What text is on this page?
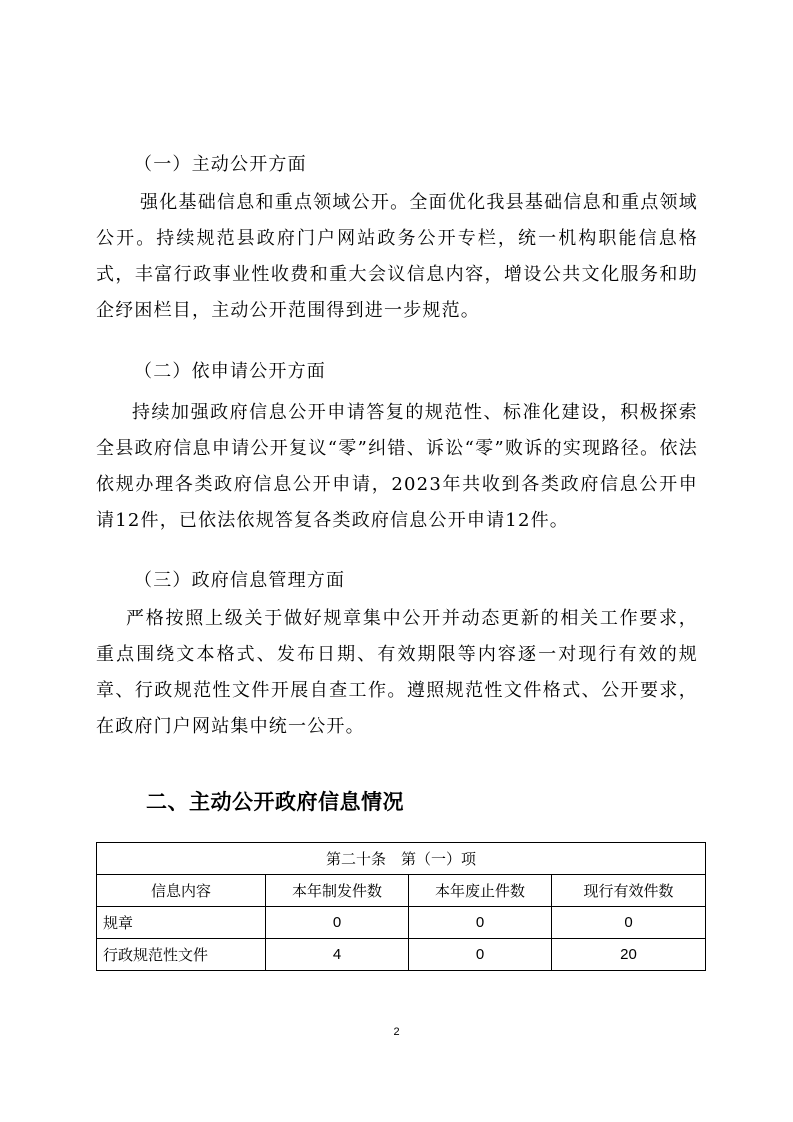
（一）主动公开方面

强化基础信息和重点领域公开。全面优化我县基础信息和重点领域公开。持续规范县政府门户网站政务公开专栏，统一机构职能信息格式，丰富行政事业性收费和重大会议信息内容，增设公共文化服务和助企纾困栏目，主动公开范围得到进一步规范。

（二）依申请公开方面

持续加强政府信息公开申请答复的规范性、标准化建设，积极探索全县政府信息申请公开复议“零”纠错、诉讼“零”败诉的实现路径。依法依规办理各类政府信息公开申请，2023年共收到各类政府信息公开申请12件，已依法依规答复各类政府信息公开申请12件。

（三）政府信息管理方面

严格按照上级关于做好规章集中公开并动态更新的相关工作要求，重点围绕文本格式、发布日期、有效期限等内容逐一对现行有效的规章、行政规范性文件开展自查工作。遵照规范性文件格式、公开要求，在政府门户网站集中统一公开。

二、主动公开政府信息情况
第二十条　第（一）项			
信息内容	本年制发件数	本年废止件数	现行有效件数
规章	0	0	0
行政规范性文件	4	0	20
2
